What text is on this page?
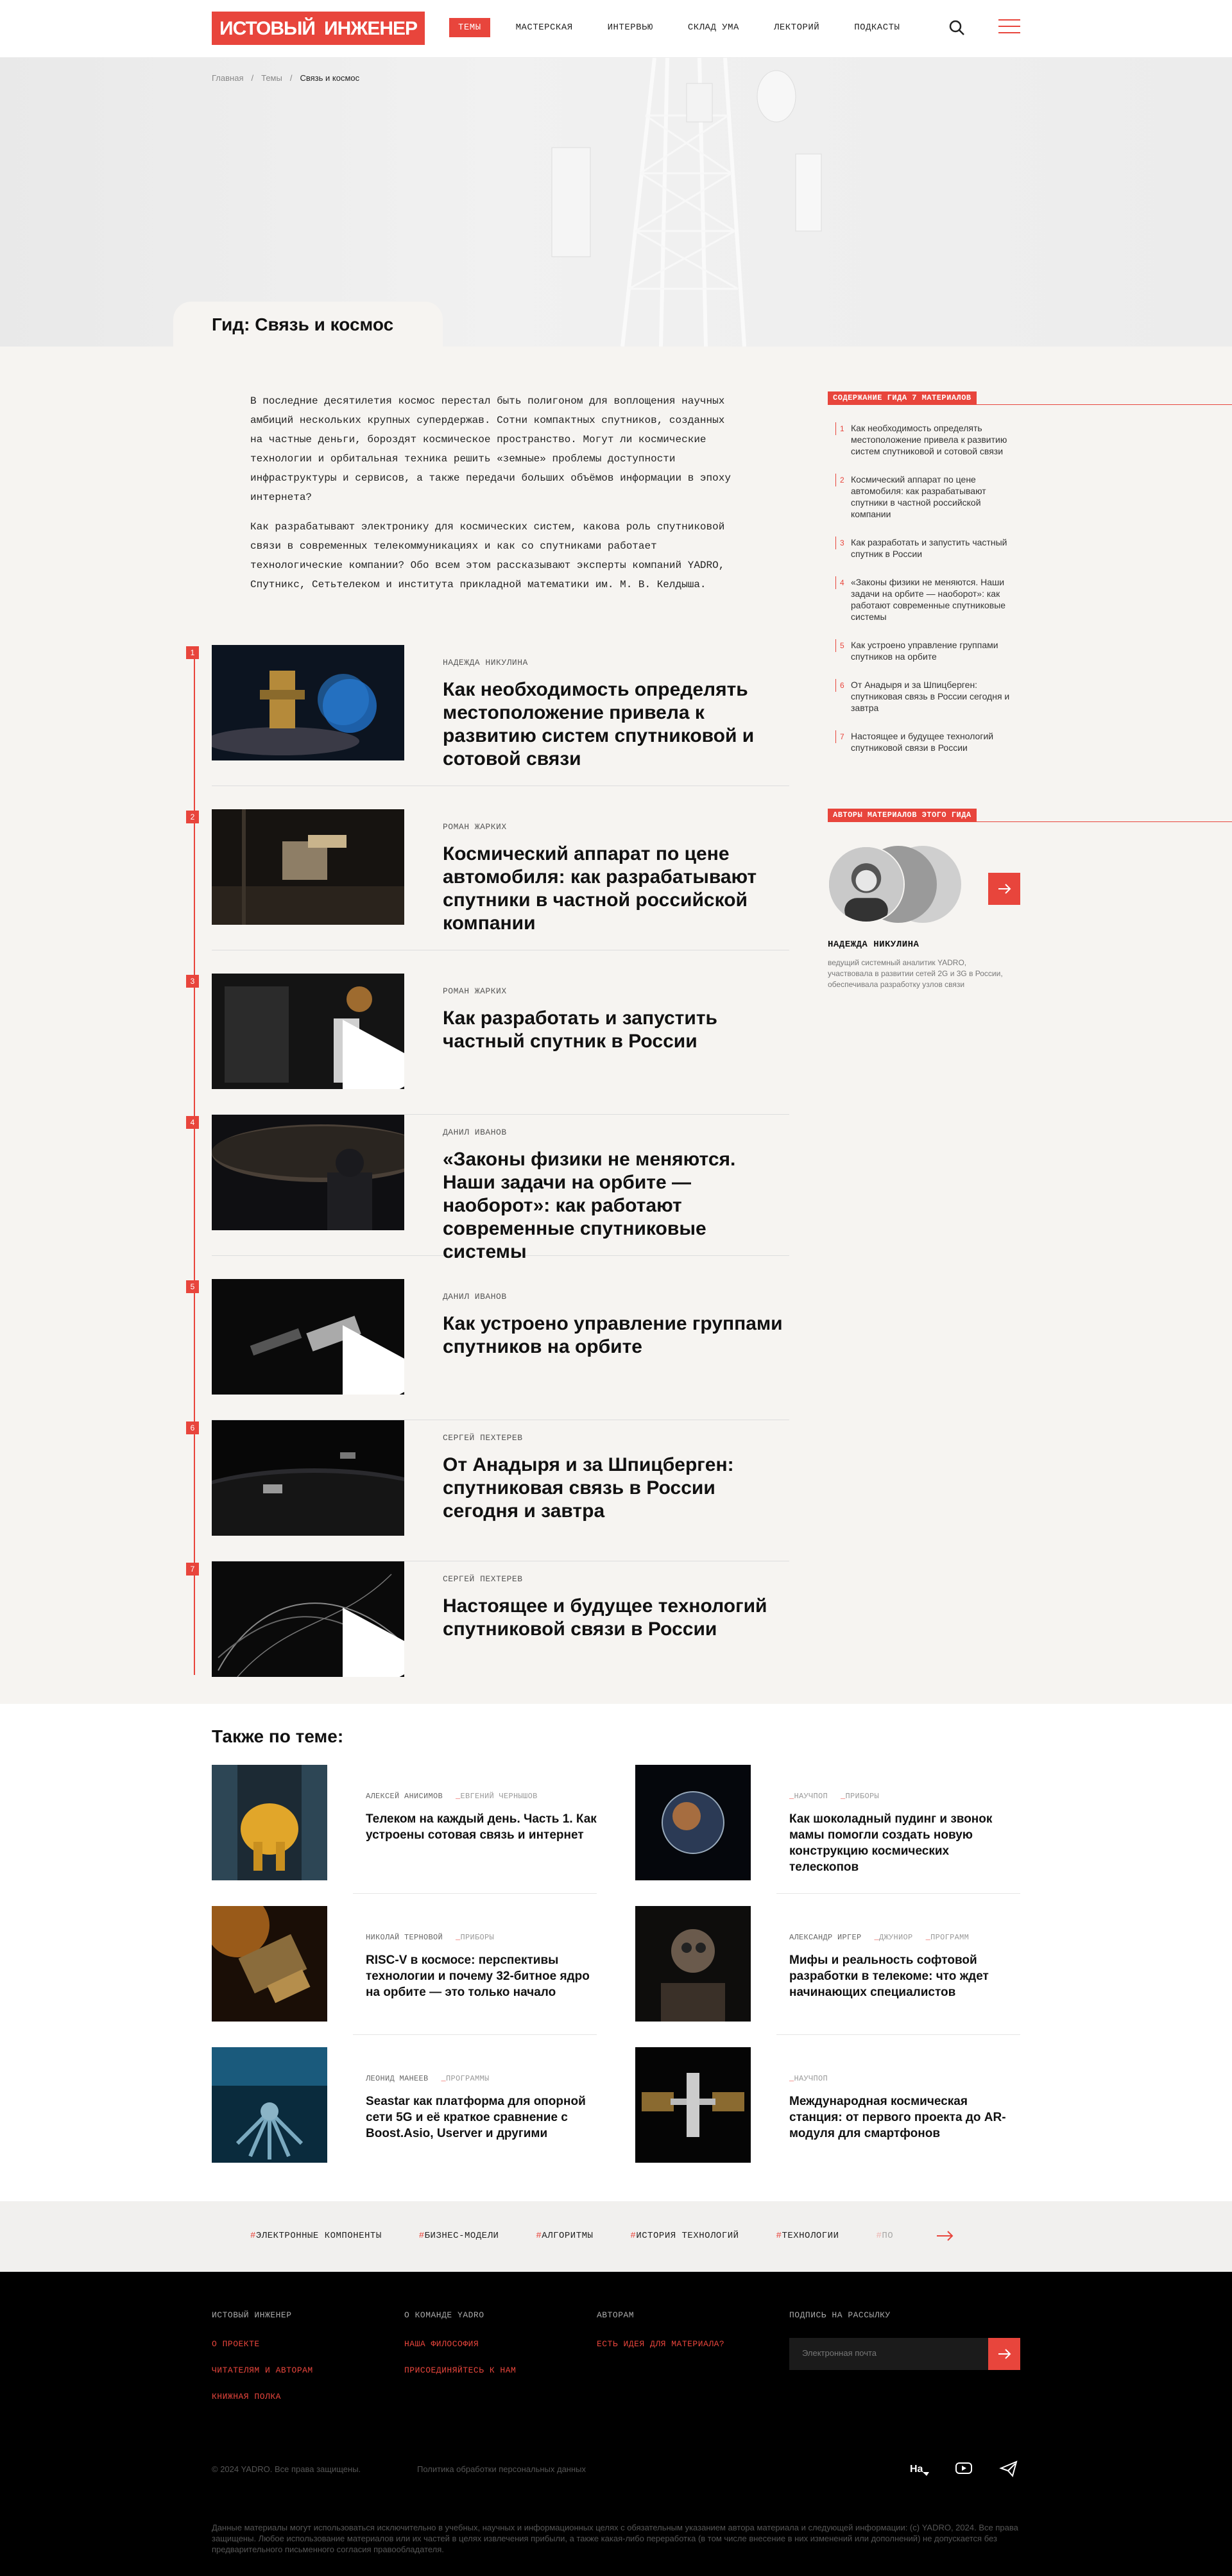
ИСТОВЫЙ ИНЖЕНЕР	ТЕМЫ	МАСТЕРСКАЯ	ИНТЕРВЬЮ	СКЛАД УМА	ЛЕКТОРИЙ	ПОДКАСТЫ
Главная / Темы / Связь и космос
Гид: Связь и космос

В последние десятилетия космос перестал быть полигоном для воплощения научных амбиций нескольких крупных супердержав. Сотни компактных спутников, созданных на частные деньги, бороздят космическое пространство. Могут ли космические технологии и орбитальная техника решить «земные» проблемы доступности инфраструктуры и сервисов, а также передачи больших объёмов информации в эпоху интернета?

Как разрабатывают электронику для космических систем, какова роль спутниковой связи в современных телекоммуникациях и как со спутниками работает технологические компании? Обо всем этом рассказывают эксперты компаний YADRO, Спутникс, Сетьтелеком и института прикладной математики им. М. В. Келдыша.

1
НАДЕЖДА НИКУЛИНА
Как необходимость определять местоположение привела к развитию систем спутниковой и сотовой связи
2
РОМАН ЖАРКИХ
Космический аппарат по цене автомобиля: как разрабатывают спутники в частной российской компании
3
01:55:05
РОМАН ЖАРКИХ
Как разработать и запустить частный спутник в России
4
ДАНИЛ ИВАНОВ
«Законы физики не меняются. Наши задачи на орбите — наоборот»: как работают современные спутниковые системы
5
01:43:38
ДАНИЛ ИВАНОВ
Как устроено управление группами спутников на орбите
6
СЕРГЕЙ ПЕХТЕРЕВ
От Анадыря и за Шпицберген: спутниковая связь в России сегодня и завтра
7
01:23:21
СЕРГЕЙ ПЕХТЕРЕВ
Настоящее и будущее технологий спутниковой связи в России
СОДЕРЖАНИЕ ГИДА 7 МАТЕРИАЛОВ
1 Как необходимость определять местоположение привела к развитию систем спутниковой и сотовой связи
2 Космический аппарат по цене автомобиля: как разрабатывают спутники в частной российской компании
3 Как разработать и запустить частный спутник в России
4 «Законы физики не меняются. Наши задачи на орбите — наоборот»: как работают современные спутниковые системы
5 Как устроено управление группами спутников на орбите
6 От Анадыря и за Шпицберген: спутниковая связь в России сегодня и завтра
7 Настоящее и будущее технологий спутниковой связи в России
АВТОРЫ МАТЕРИАЛОВ ЭТОГО ГИДА
НАДЕЖДА НИКУЛИНА
ведущий системный аналитик YADRO, участвовала в развитии сетей 2G и 3G в России, обеспечивала разработку узлов связи
Также по теме:
АЛЕКСЕЙ АНИСИМОВ _ ЕВГЕНИЙ ЧЕРНЫШОВ
Телеком на каждый день. Часть 1. Как устроены сотовая связь и интернет
_ НАУЧПОП _ ПРИБОРЫ
Как шоколадный пудинг и звонок мамы помогли создать новую конструкцию космических телескопов
НИКОЛАЙ ТЕРНОВОЙ _ ПРИБОРЫ
RISC-V в космосе: перспективы технологии и почему 32-битное ядро на орбите — это только начало
АЛЕКСАНДР ИРГЕР _ ДЖУНИОР _ ПРОГРАММ
Мифы и реальность софтовой разработки в телекоме: что ждет начинающих специалистов
ЛЕОНИД МАНЕЕВ _ ПРОГРАММЫ
Seastar как платформа для опорной сети 5G и её краткое сравнение с Boost.Asio, Userver и другими
_ НАУЧПОП
Международная космическая станция: от первого проекта до AR-модуля для смартфонов
# ЭЛЕКТРОННЫЕ КОМПОНЕНТЫ	# БИЗНЕС-МОДЕЛИ	# АЛГОРИТМЫ	# ИСТОРИЯ ТЕХНОЛОГИЙ	# ТЕХНОЛОГИИ	# ПО
ИСТОВЫЙ ИНЖЕНЕР
О ПРОЕКТЕ
ЧИТАТЕЛЯМ И АВТОРАМ
КНИЖНАЯ ПОЛКА
О КОМАНДЕ YADRO
НАША ФИЛОСОФИЯ
ПРИСОЕДИНЯЙТЕСЬ К НАМ
АВТОРАМ
ЕСТЬ ИДЕЯ ДЛЯ МАТЕРИАЛА?
ПОДПИСЬ НА РАССЫЛКУ
Электронная почта
© 2024 YADRO. Все права защищены.	Политика обработки персональных данных	Ha
Данные материалы могут использоваться исключительно в учебных, научных и информационных целях с обязательным указанием автора материала и следующей информации: (c) YADRO, 2024. Все права защищены. Любое использование материалов или их частей в целях извлечения прибыли, а также какая-либо переработка (в том числе внесение в них изменений или дополнений) не допускается без предварительного письменного согласия правообладателя.
